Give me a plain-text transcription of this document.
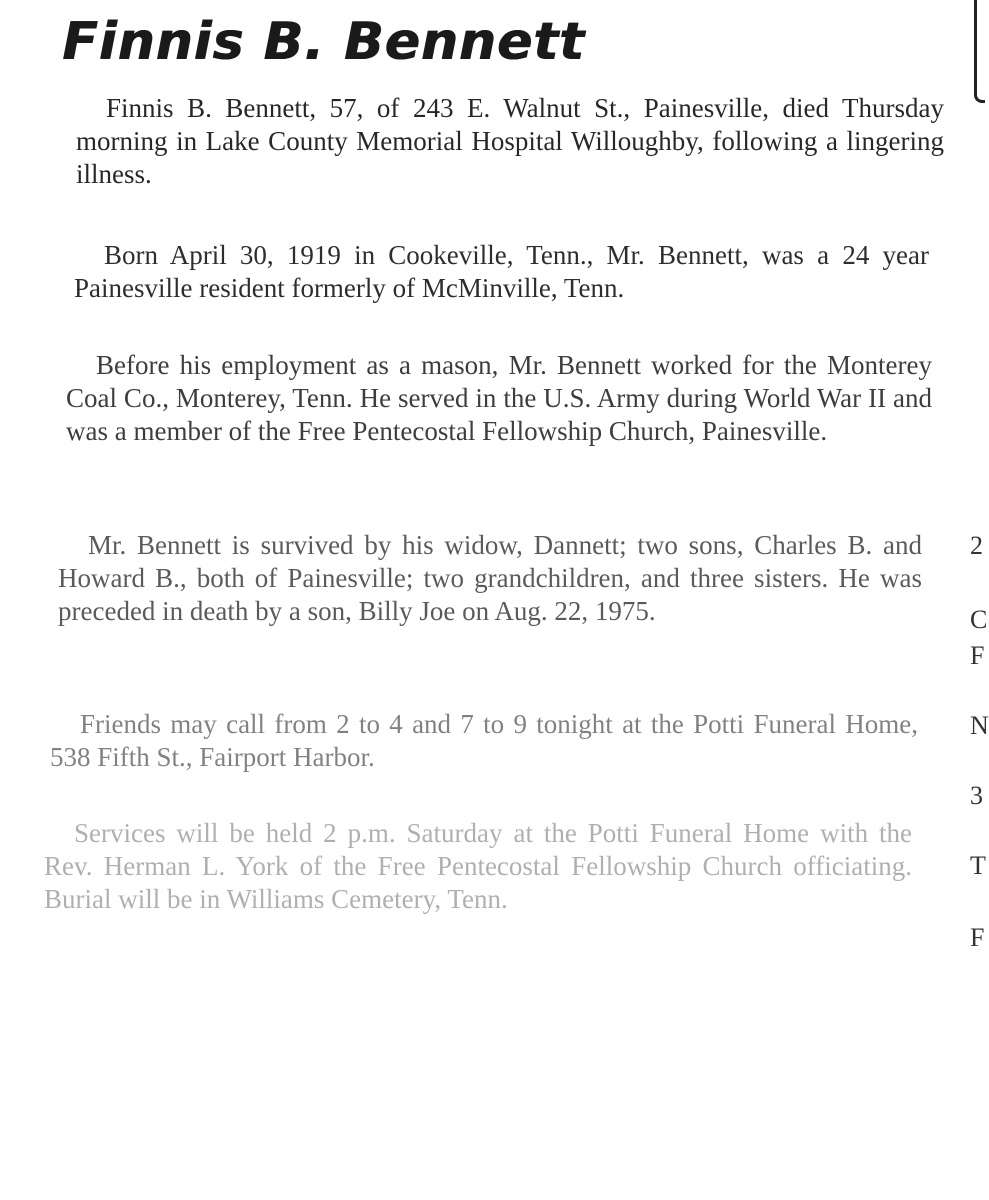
Finnis B. Bennett

Finnis B. Bennett, 57, of 243 E. Walnut St., Painesville, died Thursday morning in Lake County Memorial Hospital Willoughby, following a lingering illness.

Born April 30, 1919 in Cookeville, Tenn., Mr. Bennett, was a 24 year Painesville resident formerly of McMinville, Tenn.

Before his employment as a mason, Mr. Bennett worked for the Monterey Coal Co., Monterey, Tenn. He served in the U.S. Army during World War II and was a member of the Free Pentecostal Fellowship Church, Painesville.

Mr. Bennett is survived by his widow, Dannett; two sons, Charles B. and Howard B., both of Painesville; two grandchildren, and three sisters. He was preceded in death by a son, Billy Joe on Aug. 22, 1975.

Friends may call from 2 to 4 and 7 to 9 tonight at the Potti Funeral Home, 538 Fifth St., Fairport Harbor.

Services will be held 2 p.m. Saturday at the Potti Funeral Home with the Rev. Herman L. York of the Free Pentecostal Fellowship Church officiating. Burial will be in Williams Cemetery, Tenn.

2
C
F
N
3
T
F
